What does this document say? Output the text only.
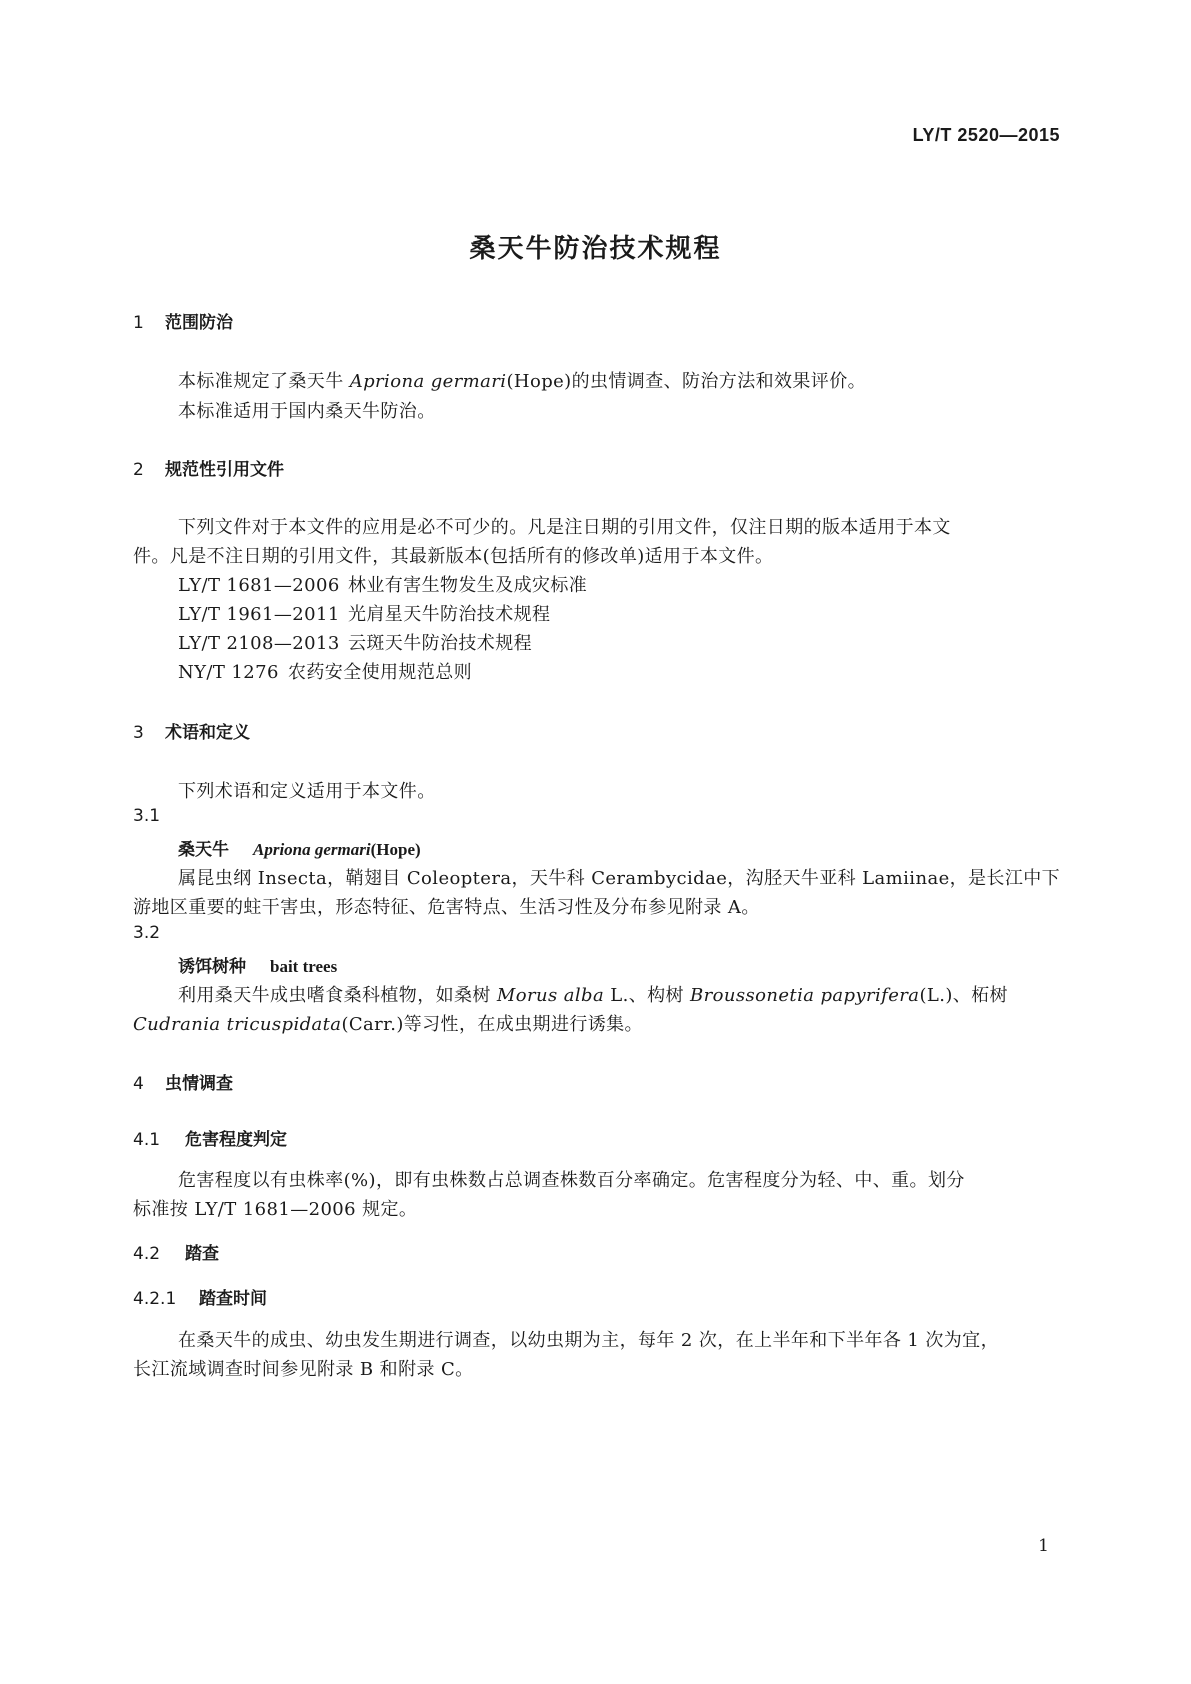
LY/T 2520—2015
桑天牛防治技术规程
1 范围防治
本标准规定了桑天牛 Apriona germari(Hope)的虫情调查、防治方法和效果评价。
本标准适用于国内桑天牛防治。
2 规范性引用文件
下列文件对于本文件的应用是必不可少的。凡是注日期的引用文件，仅注日期的版本适用于本文
件。凡是不注日期的引用文件，其最新版本(包括所有的修改单)适用于本文件。
LY/T 1681—2006 林业有害生物发生及成灾标准
LY/T 1961—2011 光肩星天牛防治技术规程
LY/T 2108—2013 云斑天牛防治技术规程
NY/T 1276 农药安全使用规范总则
3 术语和定义
下列术语和定义适用于本文件。
3.1
桑天牛 Apriona germari(Hope)
属昆虫纲 Insecta，鞘翅目 Coleoptera，天牛科 Cerambycidae，沟胫天牛亚科 Lamiinae，是长江中下
游地区重要的蛀干害虫，形态特征、危害特点、生活习性及分布参见附录 A。
3.2
诱饵树种 bait trees
利用桑天牛成虫嗜食桑科植物，如桑树 Morus alba L.、构树 Broussonetia papyrifera(L.)、柘树
Cudrania tricuspidata(Carr.)等习性，在成虫期进行诱集。
4 虫情调查
4.1 危害程度判定
危害程度以有虫株率(%)，即有虫株数占总调查株数百分率确定。危害程度分为轻、中、重。划分
标准按 LY/T 1681—2006 规定。
4.2 踏查
4.2.1 踏查时间
在桑天牛的成虫、幼虫发生期进行调查，以幼虫期为主，每年 2 次，在上半年和下半年各 1 次为宜，
长江流域调查时间参见附录 B 和附录 C。
1
